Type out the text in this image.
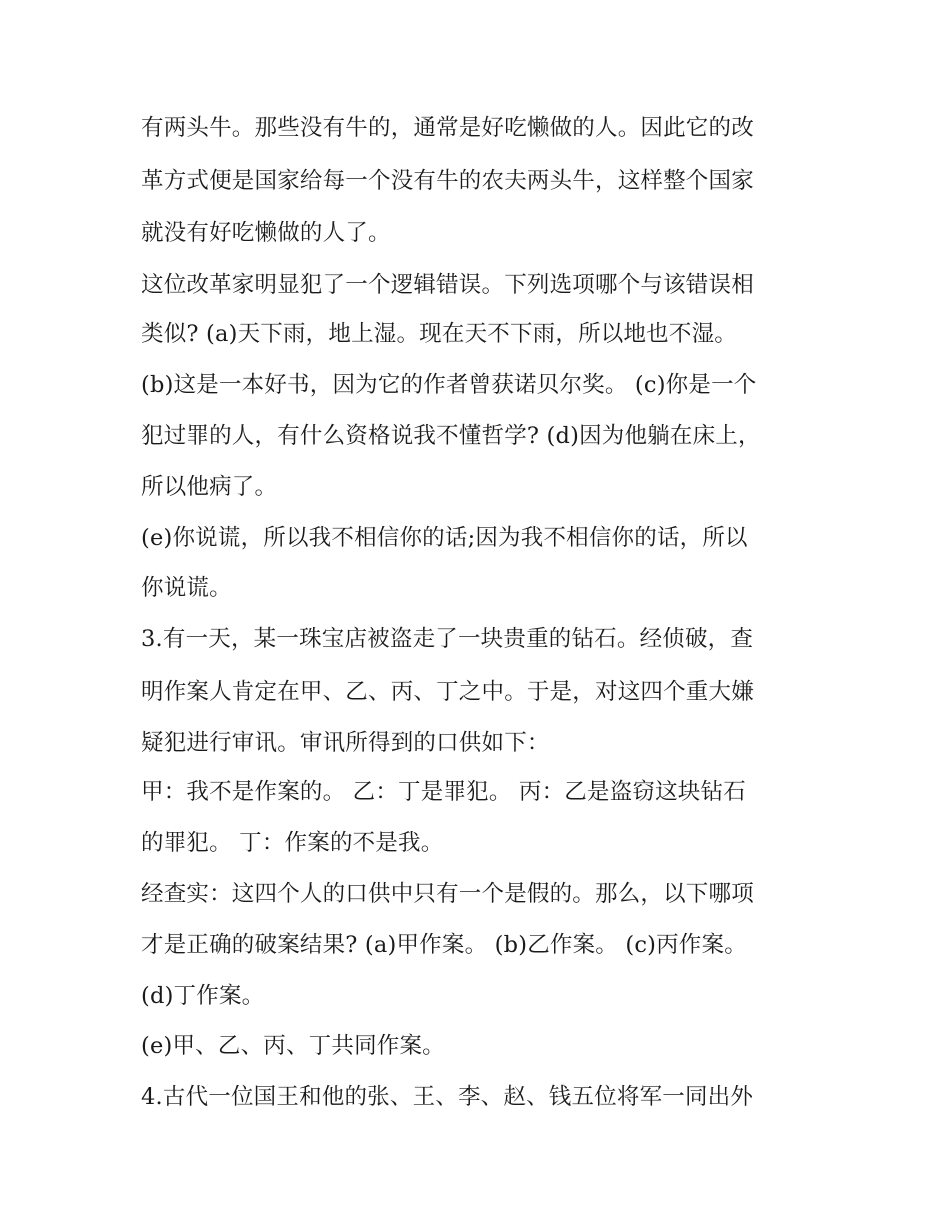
有两头牛。那些没有牛的，通常是好吃懒做的人。因此它的改
革方式便是国家给每一个没有牛的农夫两头牛，这样整个国家
就没有好吃懒做的人了。
这位改革家明显犯了一个逻辑错误。下列选项哪个与该错误相
类似? (a)天下雨，地上湿。现在天不下雨，所以地也不湿。
(b)这是一本好书，因为它的作者曾获诺贝尔奖。 (c)你是一个
犯过罪的人，有什么资格说我不懂哲学? (d)因为他躺在床上，
所以他病了。
(e)你说谎，所以我不相信你的话;因为我不相信你的话，所以
你说谎。
3.有一天，某一珠宝店被盗走了一块贵重的钻石。经侦破，查
明作案人肯定在甲、乙、丙、丁之中。于是，对这四个重大嫌
疑犯进行审讯。审讯所得到的口供如下：
甲：我不是作案的。 乙：丁是罪犯。 丙：乙是盗窃这块钻石
的罪犯。 丁：作案的不是我。
经查实：这四个人的口供中只有一个是假的。那么，以下哪项
才是正确的破案结果? (a)甲作案。 (b)乙作案。 (c)丙作案。
(d)丁作案。
(e)甲、乙、丙、丁共同作案。
4.古代一位国王和他的张、王、李、赵、钱五位将军一同出外
